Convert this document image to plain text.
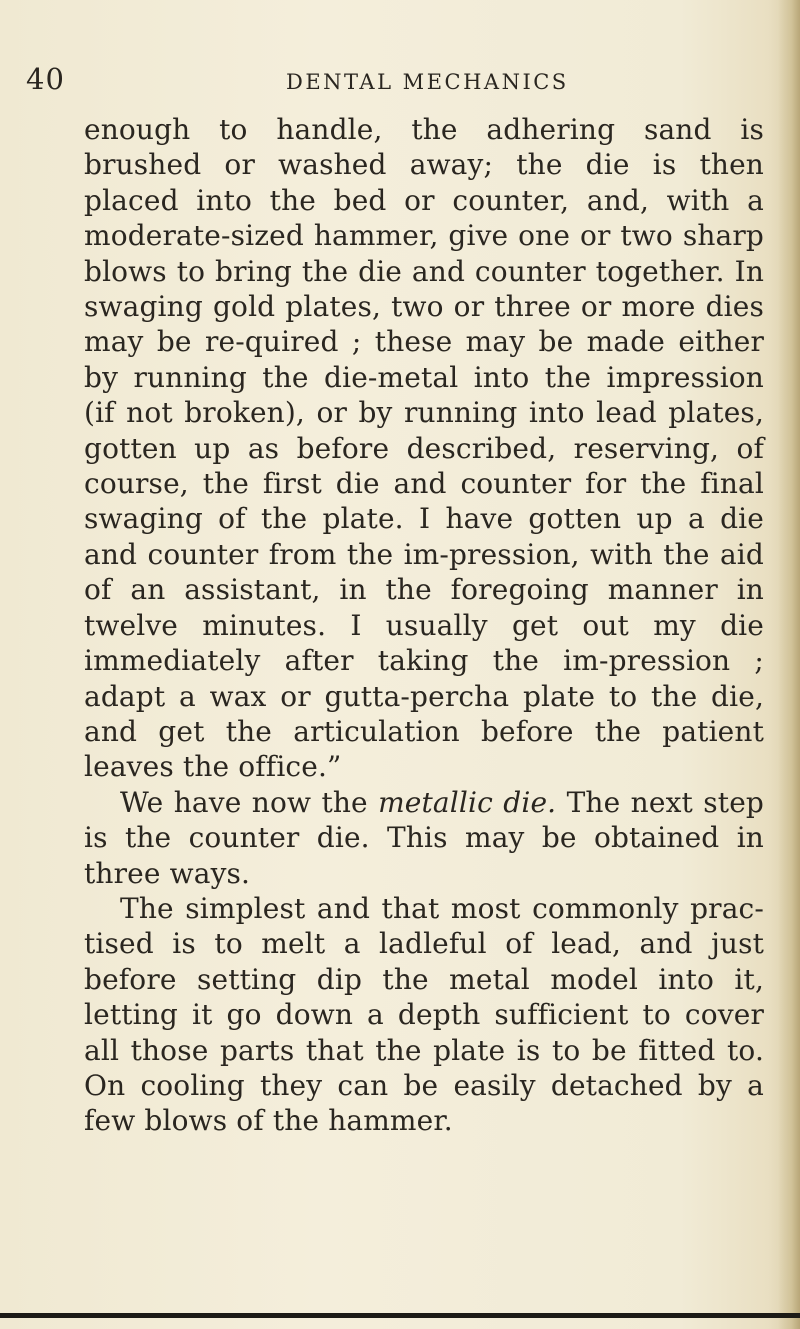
40	DENTAL MECHANICS

enough to handle, the adhering sand is brushed or washed away; the die is then placed into the bed or counter, and, with a moderate-sized hammer, give one or two sharp blows to bring the die and counter together. In swaging gold plates, two or three or more dies may be re-quired ; these may be made either by running the die-metal into the impression (if not broken), or by running into lead plates, gotten up as before described, reserving, of course, the first die and counter for the final swaging of the plate. I have gotten up a die and counter from the im-pression, with the aid of an assistant, in the foregoing manner in twelve minutes. I usually get out my die immediately after taking the im-pression ; adapt a wax or gutta-percha plate to the die, and get the articulation before the patient leaves the office.”

We have now the metallic die. The next step is the counter die. This may be obtained in three ways.

The simplest and that most commonly prac-tised is to melt a ladleful of lead, and just before setting dip the metal model into it, letting it go down a depth sufficient to cover all those parts that the plate is to be fitted to. On cooling they can be easily detached by a few blows of the hammer.
